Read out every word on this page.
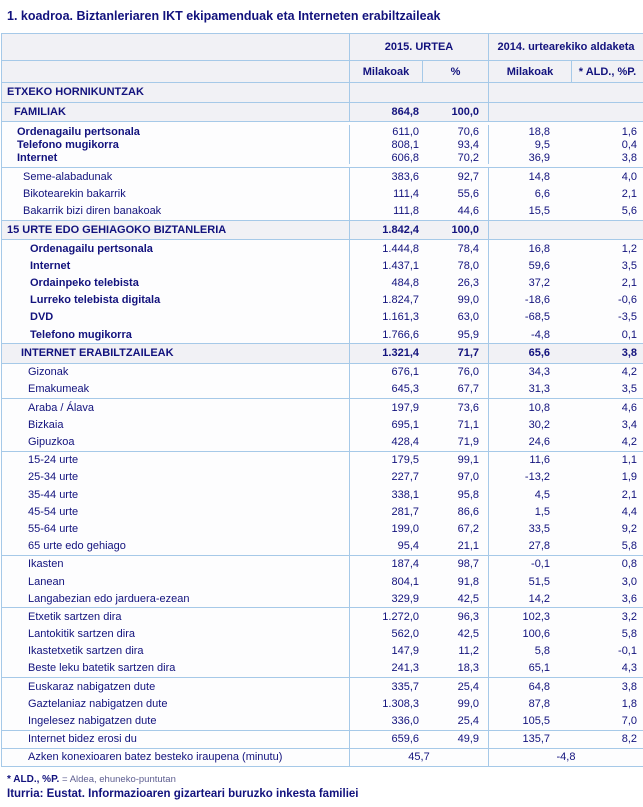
1. koadroa. Biztanleriaren IKT ekipamenduak eta Interneten erabiltzaileak
2015. URTEA	2014. urtearekiko aldaketa
Milakoak	%	Milakoak	* ALD., %P.
ETXEKO HORNIKUNTZAK
FAMILIAK	864,8	100,0
Ordenagailu pertsonala	611,0	70,6	18,8	1,6
Telefono mugikorra	808,1	93,4	9,5	0,4
Internet	606,8	70,2	36,9	3,8
Seme-alabadunak	383,6	92,7	14,8	4,0
Bikotearekin bakarrik	111,4	55,6	6,6	2,1
Bakarrik bizi diren banakoak	111,8	44,6	15,5	5,6
15 URTE EDO GEHIAGOKO BIZTANLERIA	1.842,4	100,0
Ordenagailu pertsonala	1.444,8	78,4	16,8	1,2
Internet	1.437,1	78,0	59,6	3,5
Ordainpeko telebista	484,8	26,3	37,2	2,1
Lurreko telebista digitala	1.824,7	99,0	-18,6	-0,6
DVD	1.161,3	63,0	-68,5	-3,5
Telefono mugikorra	1.766,6	95,9	-4,8	0,1
INTERNET ERABILTZAILEAK	1.321,4	71,7	65,6	3,8
Gizonak	676,1	76,0	34,3	4,2
Emakumeak	645,3	67,7	31,3	3,5
Araba / Álava	197,9	73,6	10,8	4,6
Bizkaia	695,1	71,1	30,2	3,4
Gipuzkoa	428,4	71,9	24,6	4,2
15-24 urte	179,5	99,1	11,6	1,1
25-34 urte	227,7	97,0	-13,2	1,9
35-44 urte	338,1	95,8	4,5	2,1
45-54 urte	281,7	86,6	1,5	4,4
55-64 urte	199,0	67,2	33,5	9,2
65 urte edo gehiago	95,4	21,1	27,8	5,8
Ikasten	187,4	98,7	-0,1	0,8
Lanean	804,1	91,8	51,5	3,0
Langabezian edo jarduera-ezean	329,9	42,5	14,2	3,6
Etxetik sartzen dira	1.272,0	96,3	102,3	3,2
Lantokitik sartzen dira	562,0	42,5	100,6	5,8
Ikastetxetik sartzen dira	147,9	11,2	5,8	-0,1
Beste leku batetik sartzen dira	241,3	18,3	65,1	4,3
Euskaraz nabigatzen dute	335,7	25,4	64,8	3,8
Gaztelaniaz nabigatzen dute	1.308,3	99,0	87,8	1,8
Ingelesez nabigatzen dute	336,0	25,4	105,5	7,0
Internet bidez erosi du	659,6	49,9	135,7	8,2
Azken konexioaren batez besteko iraupena (minutu)	45,7	-4,8
* ALD., %P. = Aldea, ehuneko-puntutan
Iturria: Eustat. Informazioaren gizarteari buruzko inkesta familiei
